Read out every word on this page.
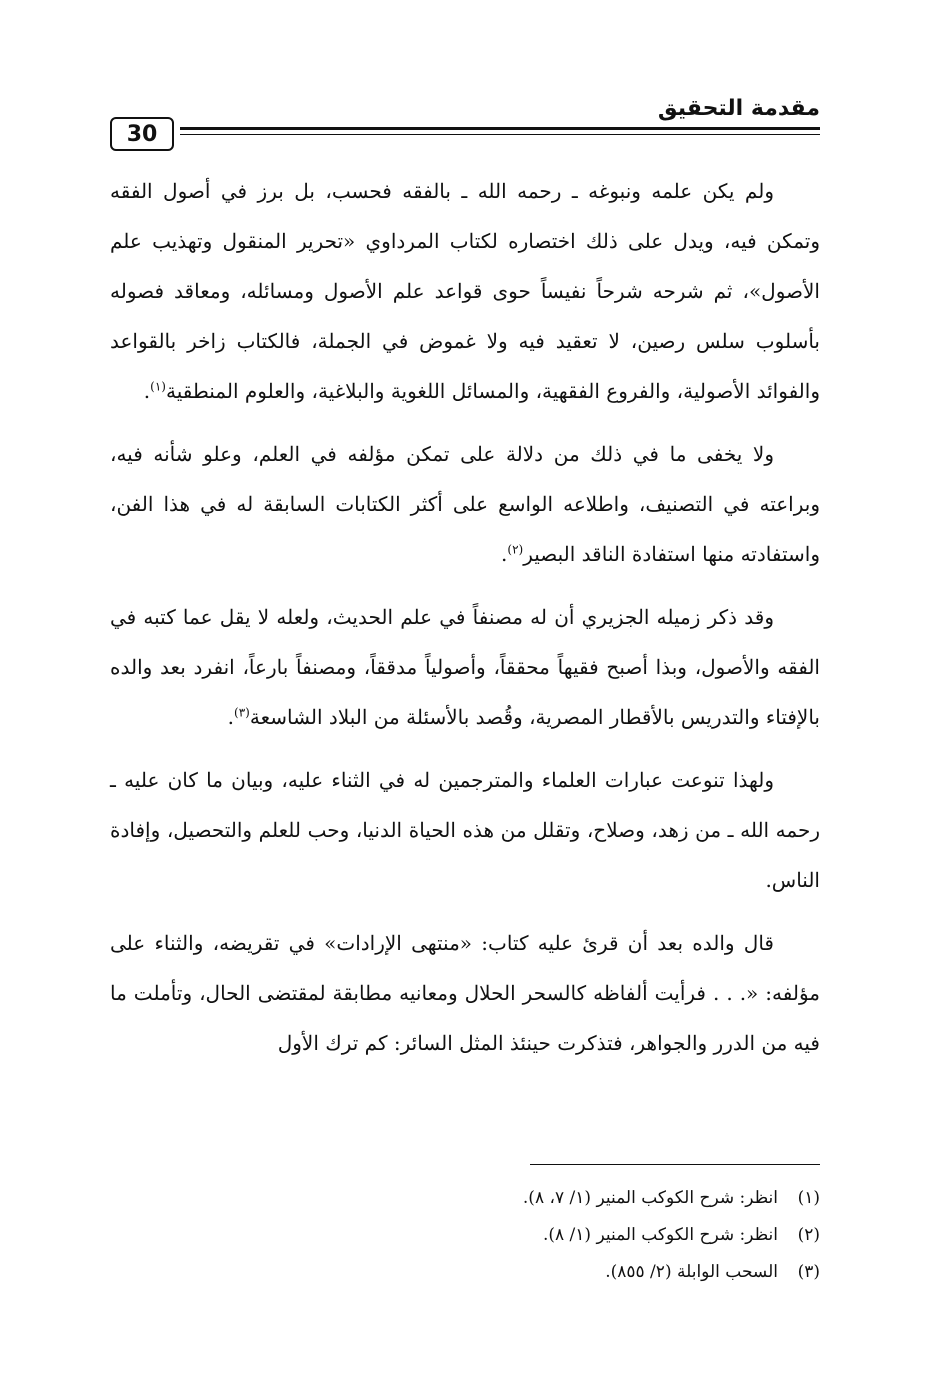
مقدمة التحقيق
30

ولم يكن علمه ونبوغه ـ رحمه الله ـ بالفقه فحسب، بل برز في أصول الفقه وتمكن فيه، ويدل على ذلك اختصاره لكتاب المرداوي «تحرير المنقول وتهذيب علم الأصول»، ثم شرحه شرحاً نفيساً حوى قواعد علم الأصول ومسائله، ومعاقد فصوله بأسلوب سلس رصين، لا تعقيد فيه ولا غموض في الجملة، فالكتاب زاخر بالقواعد والفوائد الأصولية، والفروع الفقهية، والمسائل اللغوية والبلاغية، والعلوم المنطقية$^{(١)}$.

ولا يخفى ما في ذلك من دلالة على تمكن مؤلفه في العلم، وعلو شأنه فيه، وبراعته في التصنيف، واطلاعه الواسع على أكثر الكتابات السابقة له في هذا الفن، واستفادته منها استفادة الناقد البصير$^{(٢)}$.

وقد ذكر زميله الجزيري أن له مصنفاً في علم الحديث، ولعله لا يقل عما كتبه في الفقه والأصول، وبذا أصبح فقيهاً محققاً، وأصولياً مدققاً، ومصنفاً بارعاً، انفرد بعد والده بالإفتاء والتدريس بالأقطار المصرية، وقُصد بالأسئلة من البلاد الشاسعة$^{(٣)}$.

ولهذا تنوعت عبارات العلماء والمترجمين له في الثناء عليه، وبيان ما كان عليه ـ رحمه الله ـ من زهد، وصلاح، وتقلل من هذه الحياة الدنيا، وحب للعلم والتحصيل، وإفادة الناس.

قال والده بعد أن قرئ عليه كتاب: «منتهى الإرادات» في تقريضه، والثناء على مؤلفه: «. . . فرأيت ألفاظه كالسحر الحلال ومعانيه مطابقة لمقتضى الحال، وتأملت ما فيه من الدرر والجواهر، فتذكرت حينئذ المثل السائر: كم ترك الأول

(١)انظر: شرح الكوكب المنير (١/ ٧، ٨).

(٢)انظر: شرح الكوكب المنير (١/ ٨).

(٣)السحب الوابلة (٢/ ٨٥٥).
